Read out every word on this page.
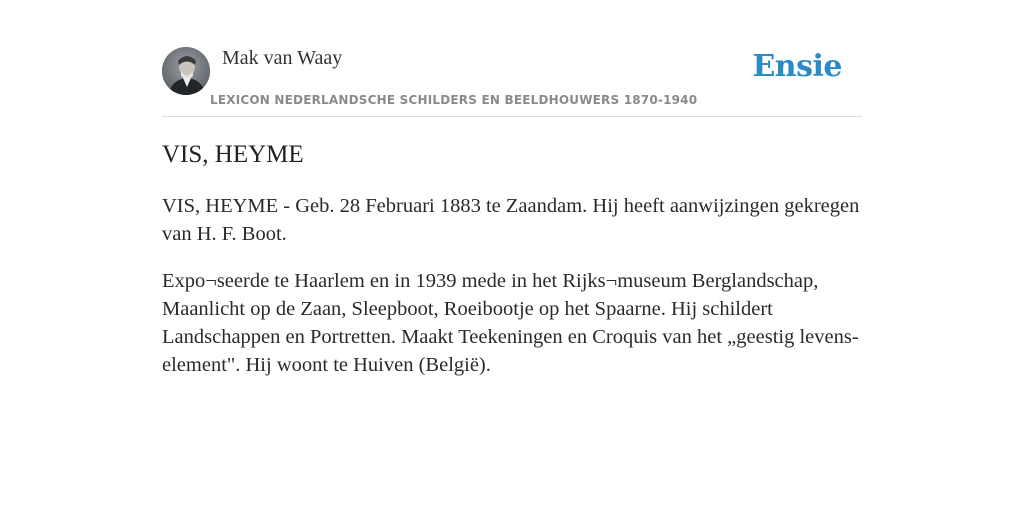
Mak van Waay
LEXICON NEDERLANDSCHE SCHILDERS EN BEELDHOUWERS 1870-1940
Ensie
VIS, HEYME

VIS, HEYME - Geb. 28 Februari 1883 te Zaandam. Hij heeft aanwijzingen gekregen van H. F. Boot.

Expo¬seerde te Haarlem en in 1939 mede in het Rijks¬museum Berglandschap, Maanlicht op de Zaan, Sleepboot, Roeibootje op het Spaarne. Hij schildert Landschappen en Portretten. Maakt Teekeningen en Croquis van het „geestig levens-element". Hij woont te Huiven (België).
